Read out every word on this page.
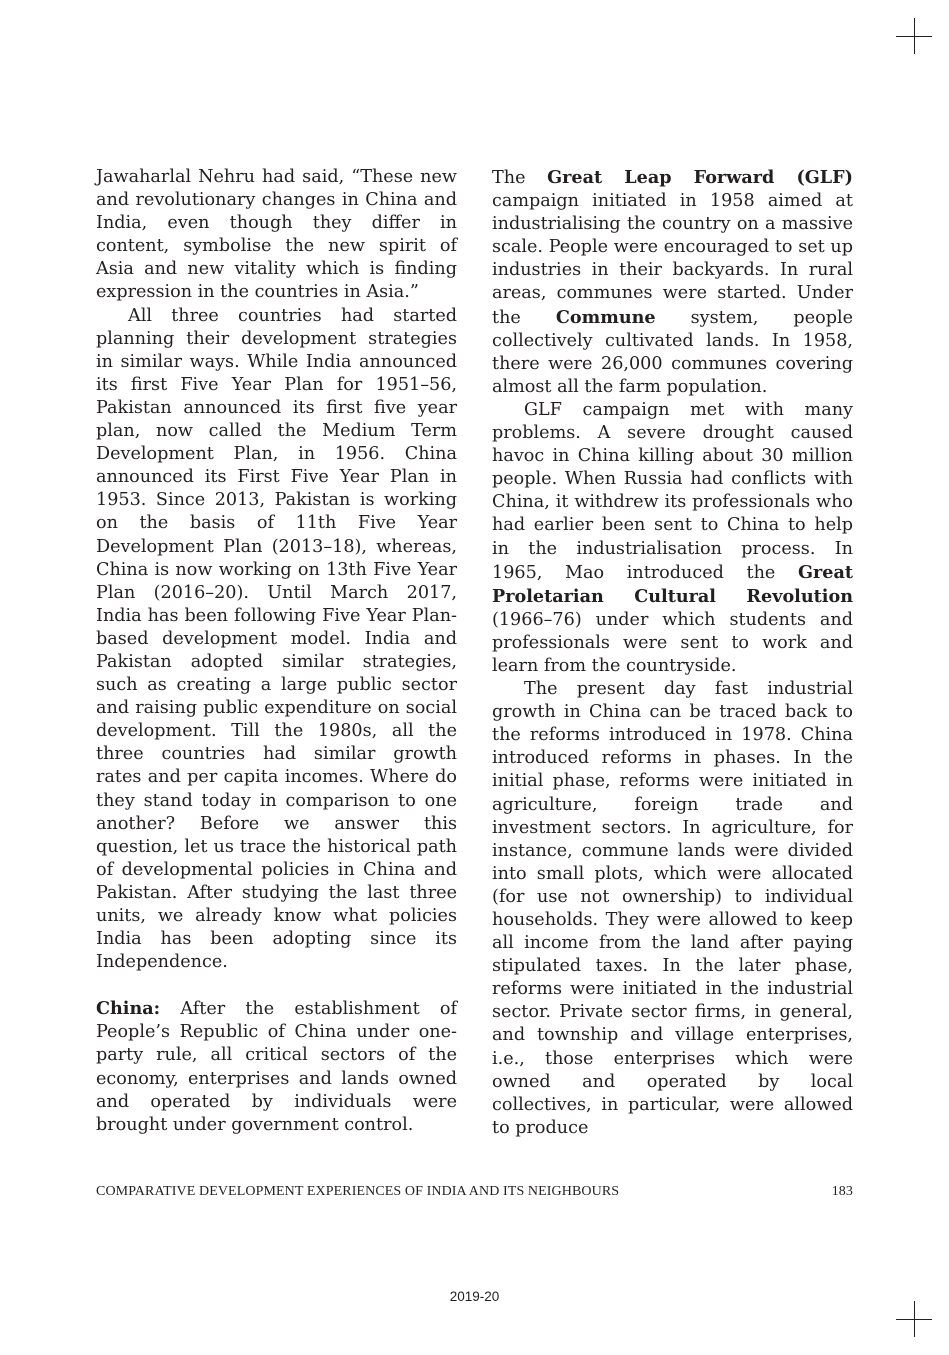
Jawaharlal Nehru had said, “These new and revolutionary changes in China and India, even though they differ in content, symbolise the new spirit of Asia and new vitality which is finding expression in the countries in Asia.”

All three countries had started planning their development strategies in similar ways. While India announced its first Five Year Plan for 1951–56, Pakistan announced its first five year plan, now called the Medium Term Development Plan, in 1956. China announced its First Five Year Plan in 1953. Since 2013, Pakistan is working on the basis of 11th Five Year Development Plan (2013–18), whereas, China is now working on 13th Five Year Plan (2016–20). Until March 2017, India has been following Five Year Plan- based development model. India and Pakistan adopted similar strategies, such as creating a large public sector and raising public expenditure on social development. Till the 1980s, all the three countries had similar growth rates and per capita incomes. Where do they stand today in comparison to one another? Before we answer this question, let us trace the historical path of developmental policies in China and Pakistan. After studying the last three units, we already know what policies India has been adopting since its Independence.

China: After the establishment of People’s Republic of China under one-party rule, all critical sectors of the economy, enterprises and lands owned and operated by individuals were brought under government control.

The Great Leap Forward (GLF) campaign initiated in 1958 aimed at industrialising the country on a massive scale. People were encouraged to set up industries in their backyards. In rural areas, communes were started. Under the Commune system, people collectively cultivated lands. In 1958, there were 26,000 communes covering almost all the farm population.

GLF campaign met with many problems. A severe drought caused havoc in China killing about 30 million people. When Russia had conflicts with China, it withdrew its professionals who had earlier been sent to China to help in the industrialisation process. In 1965, Mao introduced the Great Proletarian Cultural Revolution (1966–76) under which students and professionals were sent to work and learn from the countryside.

The present day fast industrial growth in China can be traced back to the reforms introduced in 1978. China introduced reforms in phases. In the initial phase, reforms were initiated in agriculture, foreign trade and investment sectors. In agriculture, for instance, commune lands were divided into small plots, which were allocated (for use not ownership) to individual households. They were allowed to keep all income from the land after paying stipulated taxes. In the later phase, reforms were initiated in the industrial sector. Private sector firms, in general, and township and village enterprises, i.e., those enterprises which were owned and operated by local collectives, in particular, were allowed to produce

COMPARATIVE DEVELOPMENT EXPERIENCES OF INDIA AND ITS NEIGHBOURS	183
2019-20
